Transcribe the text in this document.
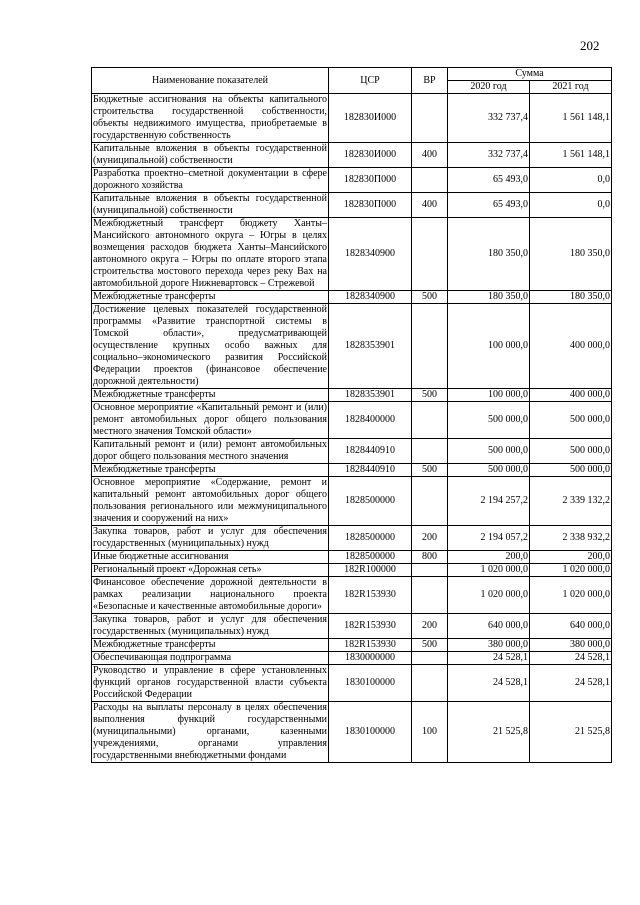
202
Наименование показателей	ЦСР	ВР	Сумма	
			2020 год	2021 год
Бюджетные ассигнования на объекты капитального строительства государственной собственности, объекты недвижимого имущества, приобретаемые в государственную собственность	182830И000		332 737,4	1 561 148,1
Капитальные вложения в объекты государственной (муниципальной) собственности	182830И000	400	332 737,4	1 561 148,1
Разработка проектно–сметной документации в сфере дорожного хозяйства	182830П000		65 493,0	0,0
Капитальные вложения в объекты государственной (муниципальной) собственности	182830П000	400	65 493,0	0,0
Межбюджетный трансферт бюджету Ханты–Мансийского автономного округа – Югры в целях возмещения расходов бюджета Ханты–Мансийского автономного округа – Югры по оплате второго этапа строительства мостового перехода через реку Вах на автомобильной дороге Нижневартовск – Стрежевой	1828340900		180 350,0	180 350,0
Межбюджетные трансферты	1828340900	500	180 350,0	180 350,0
Достижение целевых показателей государственной программы «Развитие транспортной системы в Томской области», предусматривающей осуществление крупных особо важных для социально–экономического развития Российской Федерации проектов (финансовое обеспечение дорожной деятельности)	1828353901		100 000,0	400 000,0
Межбюджетные трансферты	1828353901	500	100 000,0	400 000,0
Основное мероприятие «Капитальный ремонт и (или) ремонт автомобильных дорог общего пользования местного значения Томской области»	1828400000		500 000,0	500 000,0
Капитальный ремонт и (или) ремонт автомобильных дорог общего пользования местного значения	1828440910		500 000,0	500 000,0
Межбюджетные трансферты	1828440910	500	500 000,0	500 000,0
Основное мероприятие «Содержание, ремонт и капитальный ремонт автомобильных дорог общего пользования регионального или межмуниципального значения и сооружений на них»	1828500000		2 194 257,2	2 339 132,2
Закупка товаров, работ и услуг для обеспечения государственных (муниципальных) нужд	1828500000	200	2 194 057,2	2 338 932,2
Иные бюджетные ассигнования	1828500000	800	200,0	200,0
Региональный проект «Дорожная сеть»	182R100000		1 020 000,0	1 020 000,0
Финансовое обеспечение дорожной деятельности в рамках реализации национального проекта «Безопасные и качественные автомобильные дороги»	182R153930		1 020 000,0	1 020 000,0
Закупка товаров, работ и услуг для обеспечения государственных (муниципальных) нужд	182R153930	200	640 000,0	640 000,0
Межбюджетные трансферты	182R153930	500	380 000,0	380 000,0
Обеспечивающая подпрограмма	1830000000		24 528,1	24 528,1
Руководство и управление в сфере установленных функций органов государственной власти субъекта Российской Федерации	1830100000		24 528,1	24 528,1
Расходы на выплаты персоналу в целях обеспечения выполнения функций государственными (муниципальными) органами, казенными учреждениями, органами управления государственными внебюджетными фондами	1830100000	100	21 525,8	21 525,8
